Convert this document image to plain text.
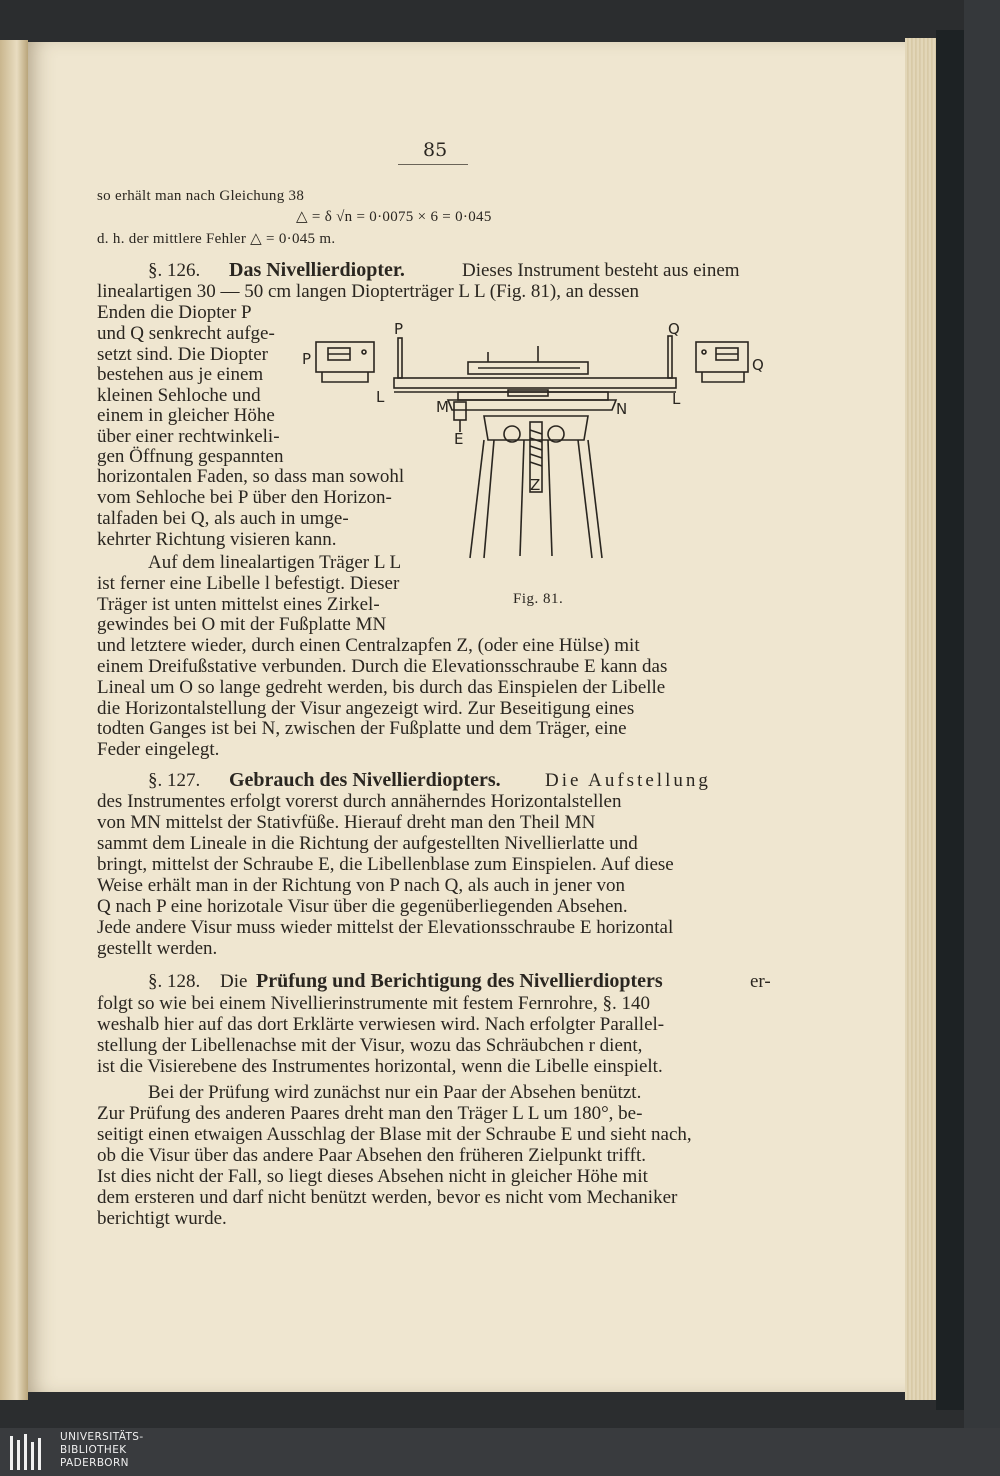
85
so erhält man nach Gleichung 38
△ = δ √n = 0·0075 × 6 = 0·045
d. h. der mittlere Fehler △ = 0·045 m.
§. 126. Das Nivellierdiopter.	Dieses Instrument besteht aus einem
linealartigen 30 — 50 cm langen Diopterträger L L (Fig. 81), an dessen
Enden die Diopter P
und Q senkrecht aufge-
setzt sind. Die Diopter
bestehen aus je einem
kleinen Sehloche und
einem in gleicher Höhe
über einer rechtwinkeli-
gen Öffnung gespannten
horizontalen Faden, so dass man sowohl
vom Sehloche bei P über den Horizon-
talfaden bei Q, als auch in umge-
kehrter Richtung visieren kann.
Auf dem linealartigen Träger L L
ist ferner eine Libelle l befestigt. Dieser
Träger ist unten mittelst eines Zirkel-
gewindes bei O mit der Fußplatte MN
und letztere wieder, durch einen Centralzapfen Z, (oder eine Hülse) mit
einem Dreifußstative verbunden. Durch die Elevationsschraube E kann das
Lineal um O so lange gedreht werden, bis durch das Einspielen der Libelle
die Horizontalstellung der Visur angezeigt wird. Zur Beseitigung eines
todten Ganges ist bei N, zwischen der Fußplatte und dem Träger, eine
Feder eingelegt.
P	Q
P	Q
L	L
M	N
E
Z
Fig. 81.
§. 127. Gebrauch des Nivellierdiopters. Die Aufstellung
des Instrumentes erfolgt vorerst durch annäherndes Horizontalstellen
von MN mittelst der Stativfüße. Hierauf dreht man den Theil MN
sammt dem Lineale in die Richtung der aufgestellten Nivellierlatte und
bringt, mittelst der Schraube E, die Libellenblase zum Einspielen. Auf diese
Weise erhält man in der Richtung von P nach Q, als auch in jener von
Q nach P eine horizotale Visur über die gegenüberliegenden Absehen.
Jede andere Visur muss wieder mittelst der Elevationsschraube E horizontal
gestellt werden.
§. 128. Die Prüfung und Berichtigung des Nivellierdiopters	er-
folgt so wie bei einem Nivellierinstrumente mit festem Fernrohre, §. 140
weshalb hier auf das dort Erklärte verwiesen wird. Nach erfolgter Parallel-
stellung der Libellenachse mit der Visur, wozu das Schräubchen r dient,
ist die Visierebene des Instrumentes horizontal, wenn die Libelle einspielt.
Bei der Prüfung wird zunächst nur ein Paar der Absehen benützt.
Zur Prüfung des anderen Paares dreht man den Träger L L um 180°, be-
seitigt einen etwaigen Ausschlag der Blase mit der Schraube E und sieht nach,
ob die Visur über das andere Paar Absehen den früheren Zielpunkt trifft.
Ist dies nicht der Fall, so liegt dieses Absehen nicht in gleicher Höhe mit
dem ersteren und darf nicht benützt werden, bevor es nicht vom Mechaniker
berichtigt wurde.
UNIVERSITÄTS-
BIBLIOTHEK
PADERBORN
